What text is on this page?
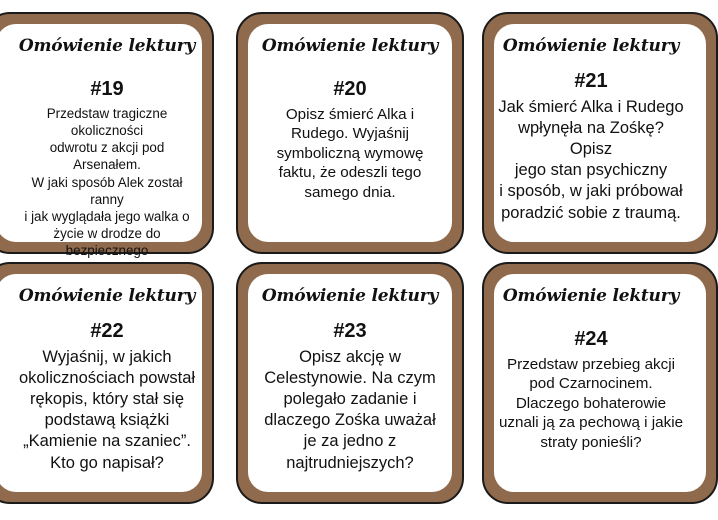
Omówienie lektury
#19
Przedstaw tragiczne okoliczności
odwrotu z akcji pod Arsenałem.
W jaki sposób Alek został ranny
i jak wyglądała jego walka o
życie w drodze do bezpiecznego
Omówienie lektury
#20
Opisz śmierć Alka i
Rudego. Wyjaśnij
symboliczną wymowę
faktu, że odeszli tego
samego dnia.
Omówienie lektury
#21
Jak śmierć Alka i Rudego
wpłynęła na Zośkę? Opisz
jego stan psychiczny
i sposób, w jaki próbował
poradzić sobie z traumą.
Omówienie lektury
#22
Wyjaśnij, w jakich
okolicznościach powstał
rękopis, który stał się
podstawą książki
„Kamienie na szaniec”.
Kto go napisał?
Omówienie lektury
#23
Opisz akcję w
Celestynowie. Na czym
polegało zadanie i
dlaczego Zośka uważał
je za jedno z
najtrudniejszych?
Omówienie lektury
#24
Przedstaw przebieg akcji
pod Czarnocinem.
Dlaczego bohaterowie
uznali ją za pechową i jakie
straty ponieśli?
